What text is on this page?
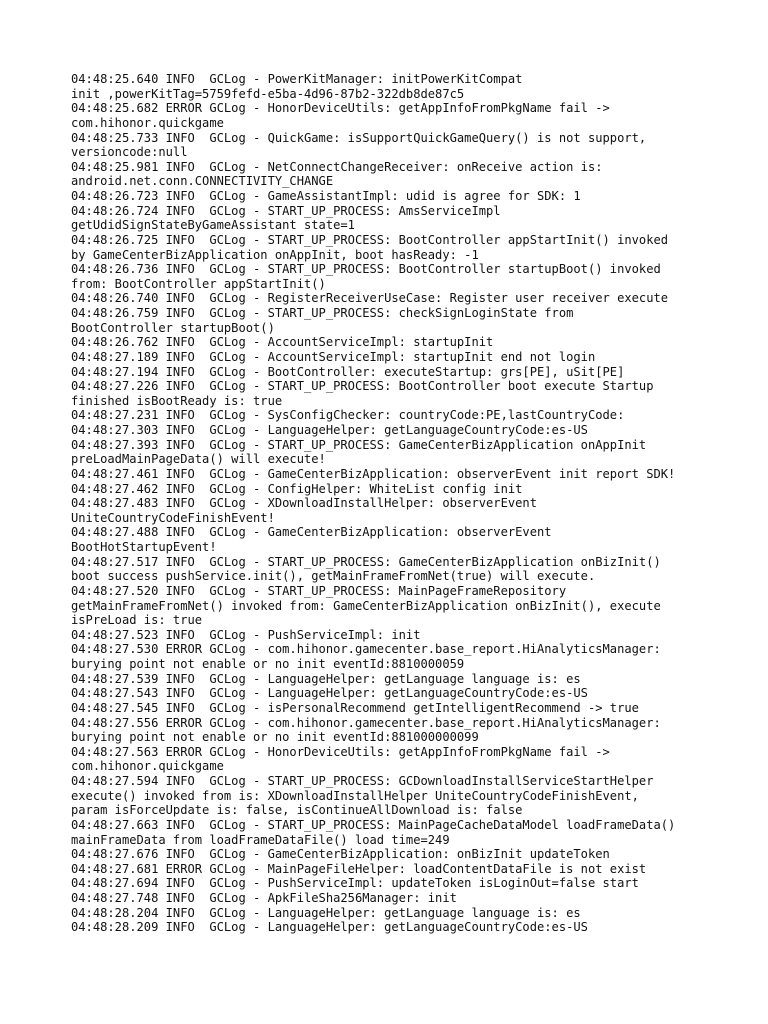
04:48:25.640 INFO  GCLog - PowerKitManager: initPowerKitCompat
init ,powerKitTag=5759fefd-e5ba-4d96-87b2-322db8de87c5
04:48:25.682 ERROR GCLog - HonorDeviceUtils: getAppInfoFromPkgName fail ->
com.hihonor.quickgame
04:48:25.733 INFO  GCLog - QuickGame: isSupportQuickGameQuery() is not support,
versioncode:null
04:48:25.981 INFO  GCLog - NetConnectChangeReceiver: onReceive action is:
android.net.conn.CONNECTIVITY_CHANGE
04:48:26.723 INFO  GCLog - GameAssistantImpl: udid is agree for SDK: 1
04:48:26.724 INFO  GCLog - START_UP_PROCESS: AmsServiceImpl
getUdidSignStateByGameAssistant state=1
04:48:26.725 INFO  GCLog - START_UP_PROCESS: BootController appStartInit() invoked
by GameCenterBizApplication onAppInit, boot hasReady: -1
04:48:26.736 INFO  GCLog - START_UP_PROCESS: BootController startupBoot() invoked
from: BootController appStartInit()
04:48:26.740 INFO  GCLog - RegisterReceiverUseCase: Register user receiver execute
04:48:26.759 INFO  GCLog - START_UP_PROCESS: checkSignLoginState from
BootController startupBoot()
04:48:26.762 INFO  GCLog - AccountServiceImpl: startupInit
04:48:27.189 INFO  GCLog - AccountServiceImpl: startupInit end not login
04:48:27.194 INFO  GCLog - BootController: executeStartup: grs[PE], uSit[PE]
04:48:27.226 INFO  GCLog - START_UP_PROCESS: BootController boot execute Startup
finished isBootReady is: true
04:48:27.231 INFO  GCLog - SysConfigChecker: countryCode:PE,lastCountryCode:
04:48:27.303 INFO  GCLog - LanguageHelper: getLanguageCountryCode:es-US
04:48:27.393 INFO  GCLog - START_UP_PROCESS: GameCenterBizApplication onAppInit
preLoadMainPageData() will execute!
04:48:27.461 INFO  GCLog - GameCenterBizApplication: observerEvent init report SDK!
04:48:27.462 INFO  GCLog - ConfigHelper: WhiteList config init
04:48:27.483 INFO  GCLog - XDownloadInstallHelper: observerEvent
UniteCountryCodeFinishEvent!
04:48:27.488 INFO  GCLog - GameCenterBizApplication: observerEvent
BootHotStartupEvent!
04:48:27.517 INFO  GCLog - START_UP_PROCESS: GameCenterBizApplication onBizInit()
boot success pushService.init(), getMainFrameFromNet(true) will execute.
04:48:27.520 INFO  GCLog - START_UP_PROCESS: MainPageFrameRepository
getMainFrameFromNet() invoked from: GameCenterBizApplication onBizInit(), execute
isPreLoad is: true
04:48:27.523 INFO  GCLog - PushServiceImpl: init
04:48:27.530 ERROR GCLog - com.hihonor.gamecenter.base_report.HiAnalyticsManager:
burying point not enable or no init eventId:8810000059
04:48:27.539 INFO  GCLog - LanguageHelper: getLanguage language is: es
04:48:27.543 INFO  GCLog - LanguageHelper: getLanguageCountryCode:es-US
04:48:27.545 INFO  GCLog - isPersonalRecommend getIntelligentRecommend -> true
04:48:27.556 ERROR GCLog - com.hihonor.gamecenter.base_report.HiAnalyticsManager:
burying point not enable or no init eventId:881000000099
04:48:27.563 ERROR GCLog - HonorDeviceUtils: getAppInfoFromPkgName fail ->
com.hihonor.quickgame
04:48:27.594 INFO  GCLog - START_UP_PROCESS: GCDownloadInstallServiceStartHelper
execute() invoked from is: XDownloadInstallHelper UniteCountryCodeFinishEvent,
param isForceUpdate is: false, isContinueAllDownload is: false
04:48:27.663 INFO  GCLog - START_UP_PROCESS: MainPageCacheDataModel loadFrameData()
mainFrameData from loadFrameDataFile() load time=249
04:48:27.676 INFO  GCLog - GameCenterBizApplication: onBizInit updateToken
04:48:27.681 ERROR GCLog - MainPageFileHelper: loadContentDataFile is not exist
04:48:27.694 INFO  GCLog - PushServiceImpl: updateToken isLoginOut=false start
04:48:27.748 INFO  GCLog - ApkFileSha256Manager: init
04:48:28.204 INFO  GCLog - LanguageHelper: getLanguage language is: es
04:48:28.209 INFO  GCLog - LanguageHelper: getLanguageCountryCode:es-US
